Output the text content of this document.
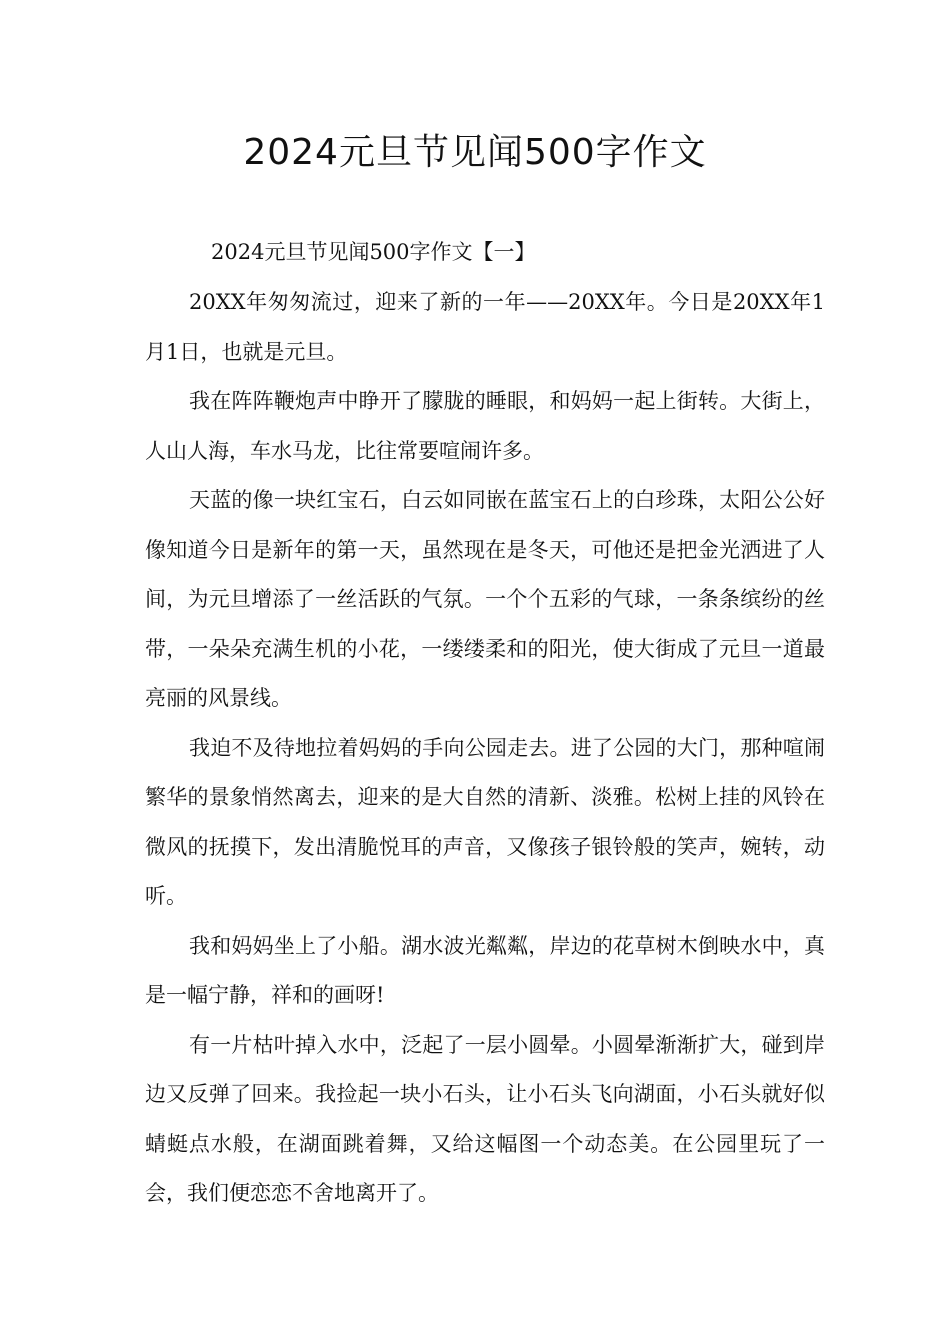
2024元旦节见闻500字作文

2024元旦节见闻500字作文【一】

20XX年匆匆流过，迎来了新的一年——20XX年。今日是20XX年1月1日，也就是元旦。

我在阵阵鞭炮声中睁开了朦胧的睡眼，和妈妈一起上街转。大街上，人山人海，车水马龙，比往常要喧闹许多。

天蓝的像一块红宝石，白云如同嵌在蓝宝石上的白珍珠，太阳公公好像知道今日是新年的第一天，虽然现在是冬天，可他还是把金光洒进了人间，为元旦增添了一丝活跃的气氛。一个个五彩的气球，一条条缤纷的丝带，一朵朵充满生机的小花，一缕缕柔和的阳光，使大街成了元旦一道最亮丽的风景线。

我迫不及待地拉着妈妈的手向公园走去。进了公园的大门，那种喧闹繁华的景象悄然离去，迎来的是大自然的清新、淡雅。松树上挂的风铃在微风的抚摸下，发出清脆悦耳的声音，又像孩子银铃般的笑声，婉转，动听。

我和妈妈坐上了小船。湖水波光粼粼，岸边的花草树木倒映水中，真是一幅宁静，祥和的画呀!

有一片枯叶掉入水中，泛起了一层小圆晕。小圆晕渐渐扩大，碰到岸边又反弹了回来。我捡起一块小石头，让小石头飞向湖面，小石头就好似蜻蜓点水般，在湖面跳着舞，又给这幅图一个动态美。在公园里玩了一会，我们便恋恋不舍地离开了。
